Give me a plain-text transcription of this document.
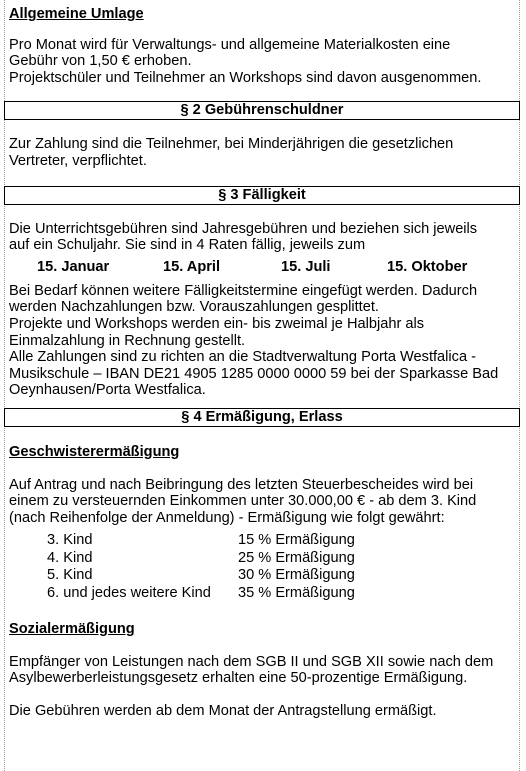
Allgemeine Umlage

Pro Monat wird für Verwaltungs- und allgemeine Materialkosten eine

Gebühr von 1,50 € erhoben.

Projektschüler und Teilnehmer an Workshops sind davon ausgenommen.

§ 2 Gebührenschuldner

Zur Zahlung sind die Teilnehmer, bei Minderjährigen die gesetzlichen

Vertreter, verpflichtet.

§ 3 Fälligkeit

Die Unterrichtsgebühren sind Jahresgebühren und beziehen sich jeweils

auf ein Schuljahr. Sie sind in 4 Raten fällig, jeweils zum

15. Januar	15. April	15. Juli	15. Oktober

Bei Bedarf können weitere Fälligkeitstermine eingefügt werden. Dadurch

werden Nachzahlungen bzw. Vorauszahlungen gesplittet.

Projekte und Workshops werden ein- bis zweimal je Halbjahr als

Einmalzahlung in Rechnung gestellt.

Alle Zahlungen sind zu richten an die Stadtverwaltung Porta Westfalica -

Musikschule – IBAN DE21 4905 1285 0000 0000 59 bei der Sparkasse Bad

Oeynhausen/Porta Westfalica.

§ 4 Ermäßigung, Erlass

Geschwisterermäßigung

Auf Antrag und nach Beibringung des letzten Steuerbescheides wird bei

einem zu versteuernden Einkommen unter 30.000,00 € - ab dem 3. Kind

(nach Reihenfolge der Anmeldung) - Ermäßigung wie folgt gewährt:

3. Kind	15 % Ermäßigung
4. Kind	25 % Ermäßigung
5. Kind	30 % Ermäßigung
6. und jedes weitere Kind	35 % Ermäßigung

Sozialermäßigung

Empfänger von Leistungen nach dem SGB II und SGB XII sowie nach dem

Asylbewerberleistungsgesetz erhalten eine 50-prozentige Ermäßigung.

Die Gebühren werden ab dem Monat der Antragstellung ermäßigt.
